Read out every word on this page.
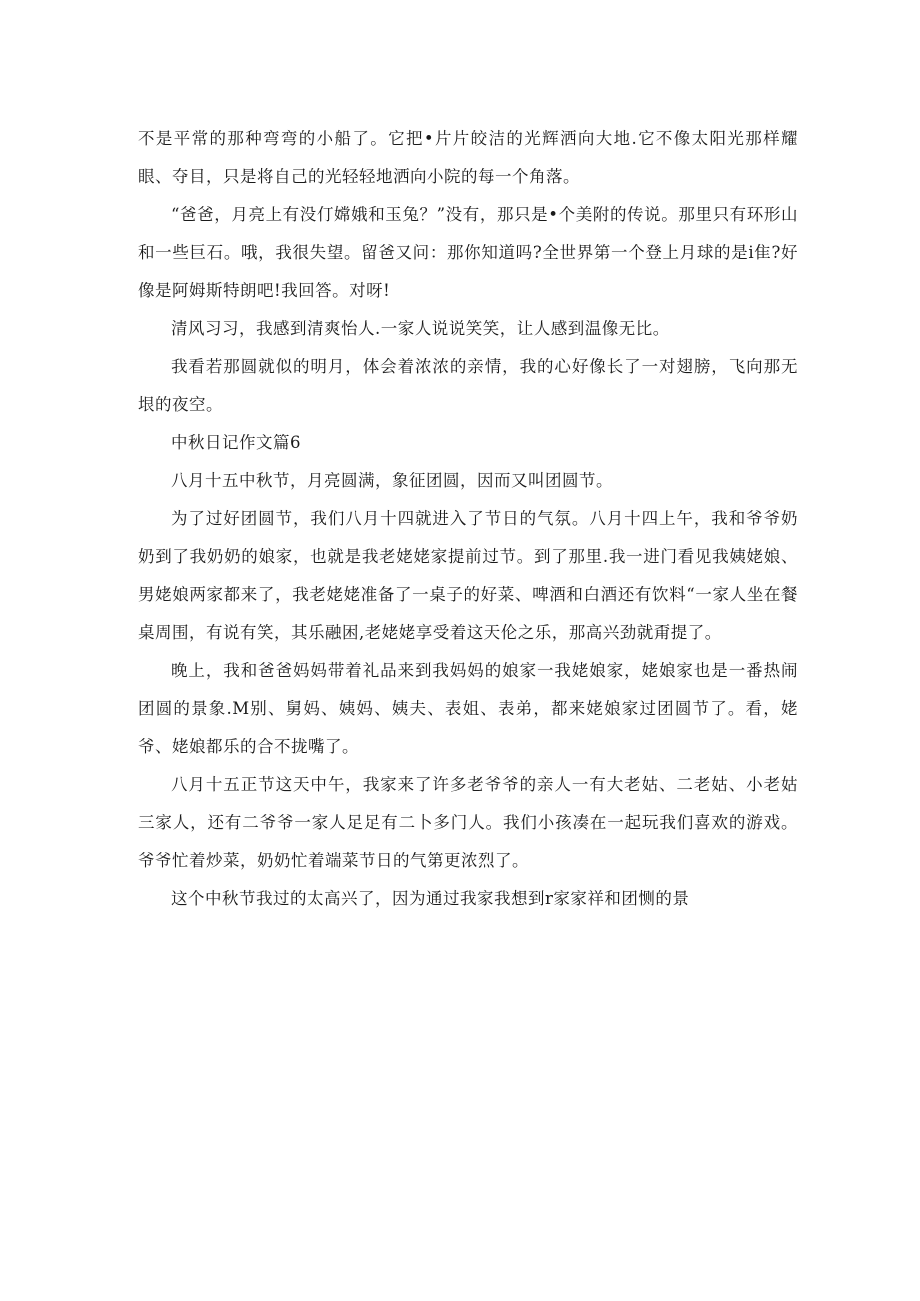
不是平常的那种弯弯的小船了。它把•片片皎洁的光辉洒向大地.它不像太阳光那样耀眼、夺目，只是将自己的光轻轻地洒向小院的每一个角落。

“爸爸，月亮上有没仃嫦娥和玉兔？”没有，那只是•个美附的传说。那里只有环形山和一些巨石。哦，我很失望。留爸又问：那你知道吗?全世界第一个登上月球的是i隹?好像是阿姆斯特朗吧!我回答。对呀!

清风习习，我感到清爽怡人.一家人说说笑笑，让人感到温像无比。

我看若那圆就似的明月，体会着浓浓的亲情，我的心好像长了一对翅膀，飞向那无垠的夜空。

中秋日记作文篇6

八月十五中秋节，月亮圆满，象征团圆，因而又叫团圆节。

为了过好团圆节，我们八月十四就进入了节日的气氛。八月十四上午，我和爷爷奶奶到了我奶奶的娘家，也就是我老姥姥家提前过节。到了那里.我一进门看见我姨姥娘、男姥娘两家都来了，我老姥姥准备了一桌子的好菜、啤酒和白酒还有饮料“一家人坐在餐桌周围，有说有笑，其乐融困,老姥姥享受着这天伦之乐，那高兴劲就甭提了。

晚上，我和爸爸妈妈带着礼品来到我妈妈的娘家一我姥娘家，姥娘家也是一番热闹团圆的景象.M别、舅妈、姨妈、姨夫、表姐、表弟，都来姥娘家过团圆节了。看，姥爷、姥娘都乐的合不拢嘴了。

八月十五正节这天中午，我家来了许多老爷爷的亲人一有大老姑、二老姑、小老姑三家人，还有二爷爷一家人足足有二卜多门人。我们小孩凑在一起玩我们喜欢的游戏。爷爷忙着炒菜，奶奶忙着端菜节日的气第更浓烈了。

这个中秋节我过的太高兴了，因为通过我家我想到r家家祥和团恻的景
